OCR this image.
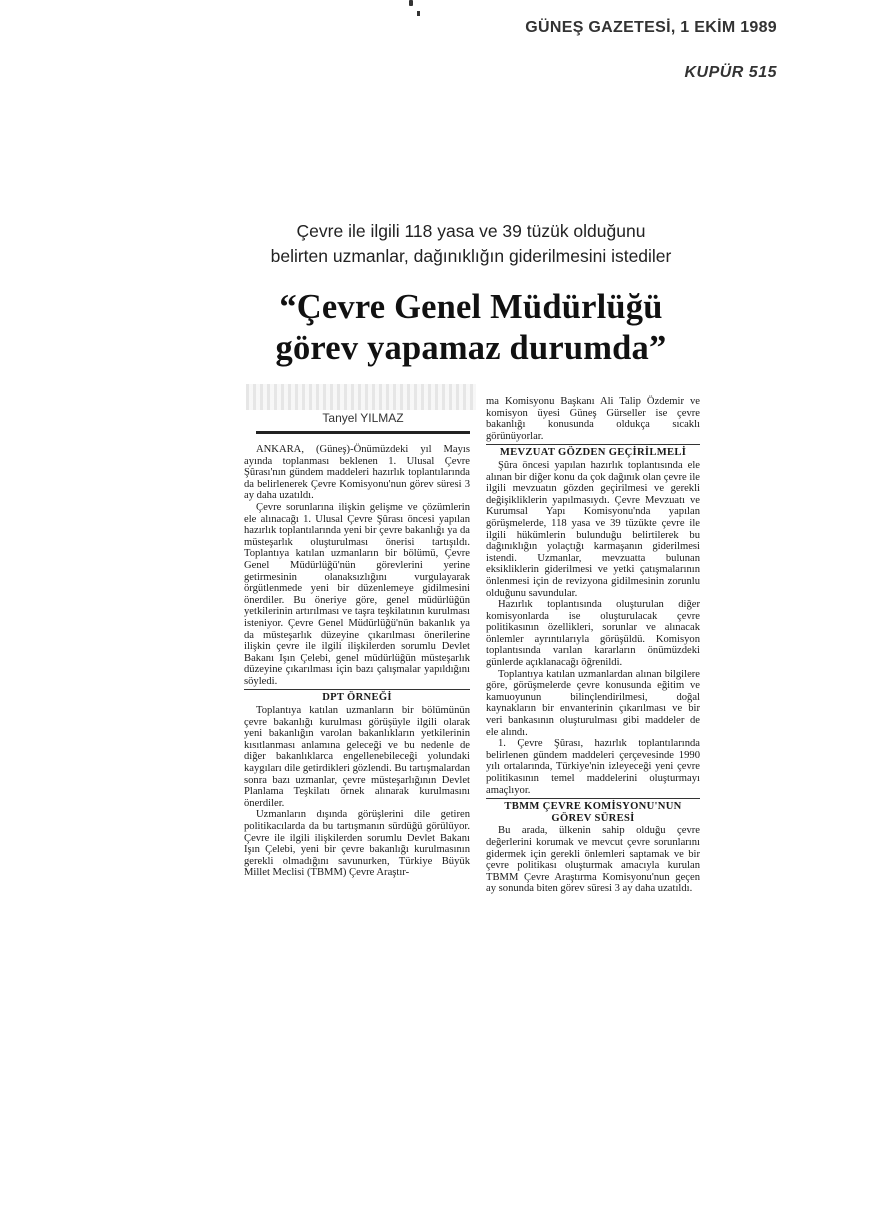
GÜNEŞ GAZETESİ, 1 EKİM 1989
KUPÜR 515
Çevre ile ilgili 118 yasa ve 39 tüzük olduğunu
belirten uzmanlar, dağınıklığın giderilmesini istediler
“Çevre Genel Müdürlüğü
görev yapamaz durumda”
Tanyel YILMAZ

ANKARA, (Güneş)-Önümüzdeki yıl Mayıs ayında toplanması beklenen 1. Ulusal Çevre Şûrası'nın gündem maddeleri hazırlık toplantılarında da belirlenerek Çevre Komisyonu'nun görev süresi 3 ay daha uzatıldı.

Çevre sorunlarına ilişkin gelişme ve çözümlerin ele alınacağı 1. Ulusal Çevre Şûrası öncesi yapılan hazırlık toplantılarında yeni bir çevre bakanlığı ya da müsteşarlık oluşturulması önerisi tartışıldı. Toplantıya katılan uzmanların bir bölümü, Çevre Genel Müdürlüğü'nün görevlerini yerine getirmesinin olanaksızlığını vurgulayarak örgütlenmede yeni bir düzenlemeye gidilmesini önerdiler. Bu öneriye göre, genel müdürlüğün yetkilerinin artırılması ve taşra teşkilatının kurulması isteniyor. Çevre Genel Müdürlüğü'nün bakanlık ya da müsteşarlık düzeyine çıkarılması önerilerine ilişkin çevre ile ilgili ilişkilerden sorumlu Devlet Bakanı Işın Çelebi, genel müdürlüğün müsteşarlık düzeyine çıkarılması için bazı çalışmalar yapıldığını söyledi.

DPT ÖRNEĞİ

Toplantıya katılan uzmanların bir bölümünün çevre bakanlığı kurulması görüşüyle ilgili olarak yeni bakanlığın varolan bakanlıkların yetkilerinin kısıtlanması anlamına geleceği ve bu nedenle de diğer bakanlıklarca engellenebileceği yolundaki kaygıları dile getirdikleri gözlendi. Bu tartışmalardan sonra bazı uzmanlar, çevre müsteşarlığının Devlet Planlama Teşkilatı örnek alınarak kurulmasını önerdiler.

Uzmanların dışında görüşlerini dile getiren politikacılarda da bu tartışmanın sürdüğü görülüyor. Çevre ile ilgili ilişkilerden sorumlu Devlet Bakanı Işın Çelebi, yeni bir çevre bakanlığı kurulmasının gerekli olmadığını savunurken, Türkiye Büyük Millet Meclisi (TBMM) Çevre Araştır-

ma Komisyonu Başkanı Ali Talip Özdemir ve komisyon üyesi Güneş Gürseller ise çevre bakanlığı konusunda oldukça sıcaklı görünüyorlar.

MEVZUAT GÖZDEN GEÇİRİLMELİ

Şûra öncesi yapılan hazırlık toplantısında ele alınan bir diğer konu da çok dağınık olan çevre ile ilgili mevzuatın gözden geçirilmesi ve gerekli değişikliklerin yapılmasıydı. Çevre Mevzuatı ve Kurumsal Yapı Komisyonu'nda yapılan görüşmelerde, 118 yasa ve 39 tüzükte çevre ile ilgili hükümlerin bulunduğu belirtilerek bu dağınıklığın yolaçtığı karmaşanın giderilmesi istendi. Uzmanlar, mevzuatta bulunan eksikliklerin giderilmesi ve yetki çatışmalarının önlenmesi için de revizyona gidilmesinin zorunlu olduğunu savundular.

Hazırlık toplantısında oluşturulan diğer komisyonlarda ise oluşturulacak çevre politikasının özellikleri, sorunlar ve alınacak önlemler ayrıntılarıyla görüşüldü. Komisyon toplantısında varılan kararların önümüzdeki günlerde açıklanacağı öğrenildi.

Toplantıya katılan uzmanlardan alınan bilgilere göre, görüşmelerde çevre konusunda eğitim ve kamuoyunun bilinçlendirilmesi, doğal kaynakların bir envanterinin çıkarılması ve bir veri bankasının oluşturulması gibi maddeler de ele alındı.

1. Çevre Şûrası, hazırlık toplantılarında belirlenen gündem maddeleri çerçevesinde 1990 yılı ortalarında, Türkiye'nin izleyeceği yeni çevre politikasının temel maddelerini oluşturmayı amaçlıyor.

TBMM ÇEVRE KOMİSYONU'NUN GÖREV SÜRESİ

Bu arada, ülkenin sahip olduğu çevre değerlerini korumak ve mevcut çevre sorunlarını gidermek için gerekli önlemleri saptamak ve bir çevre politikası oluşturmak amacıyla kurulan TBMM Çevre Araştırma Komisyonu'nun geçen ay sonunda biten görev süresi 3 ay daha uzatıldı.
